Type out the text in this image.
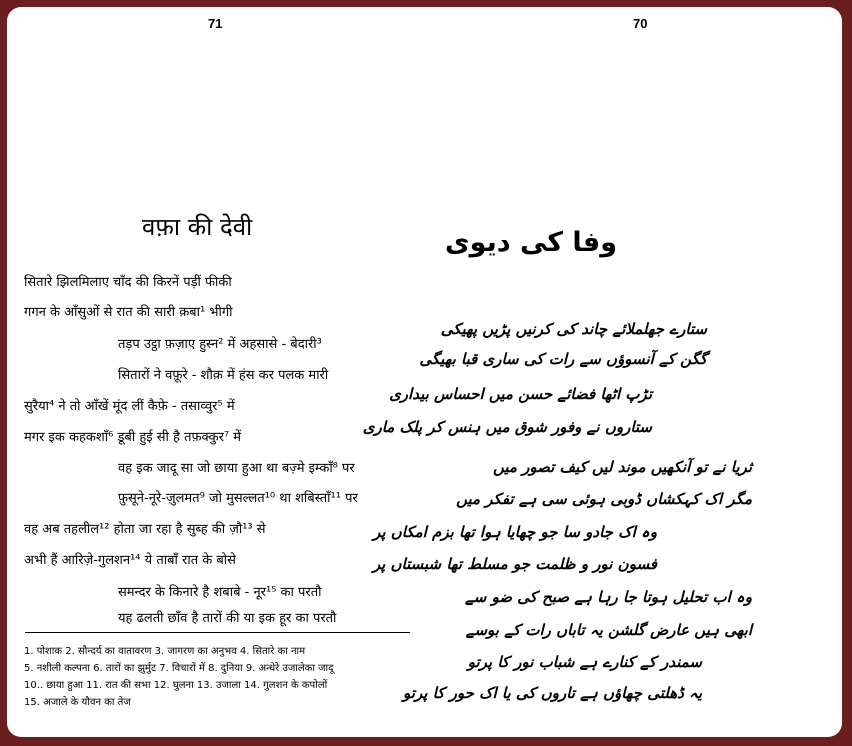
71
वफ़ा की देवी
सितारे झिलमिलाए चाँद की किरनें पड़ीं फीकी
गगन के आँसुओं से रात की सारी क़बा¹ भीगी
तड़प उट्ठा फ़ज़ाए हुस्न² में अहसासे - बेदारी³
सितारों ने वफ़ूरे - शौक़ में हंस कर पलक मारी
सुरैया⁴ ने तो आँखें मूंद लीं कैफ़े - तसाव्वुर⁵ में
मगर इक कहकशाँ⁶ डूबी हुई सी है तफ़क्कुर⁷ में
वह इक जादू सा जो छाया हुआ था बज़्मे इम्काँ⁸ पर
फ़ुसूने-नूरे-ज़ुलमत⁹ जो मुसल्लत¹⁰ था शबिस्ताँ¹¹ पर
वह अब तहलील¹² होता जा रहा है सुब्ह की ज़ौ¹³ से
अभी हैं आरिज़े-गुलशन¹⁴ ये ताबाँ रात के बोसे
समन्दर के किनारे है शबाबे - नूर¹⁵ का परतौ
यह ढलती छाँव है तारों की या इक हूर का परतौ
1. पोशाक 2. सौन्दर्य का वातावरण 3. जागरण का अनुभव 4. सितारे का नाम
5. नशीली कल्पना 6. तारों का झुर्मुट 7. विचारों में 8. दुनिया 9. अन्धेरे उजालेका जादू
10.. छाया हुआ 11. रात की सभा 12. घुलना 13. उजाला 14. गुलशन के कपोलों
15. अजाले के यौवन का तेज
70
وفا کی دیوی
ستارے جھلملائے چاند کی کرنیں پڑیں پھیکی
گگن کے آنسوؤں سے رات کی ساری قبا بھیگی
تڑپ اٹھا فضائے حسن میں احساس بیداری
ستاروں نے وفور شوق میں ہنس کر پلک ماری
ثریا نے تو آنکھیں موند لیں کیف تصور میں
مگر اک کہکشاں ڈوبی ہوئی سی ہے تفکر میں
وہ اک جادو سا جو چھایا ہوا تھا بزم امکاں پر
فسون نور و ظلمت جو مسلط تھا شبستاں پر
وہ اب تحلیل ہوتا جا رہا ہے صبح کی ضو سے
ابھی ہیں عارض گلشن یہ تاباں رات کے بوسے
سمندر کے کنارے ہے شباب نور کا پرتو
یہ ڈھلتی چھاؤں ہے تاروں کی یا اک حور کا پرتو
